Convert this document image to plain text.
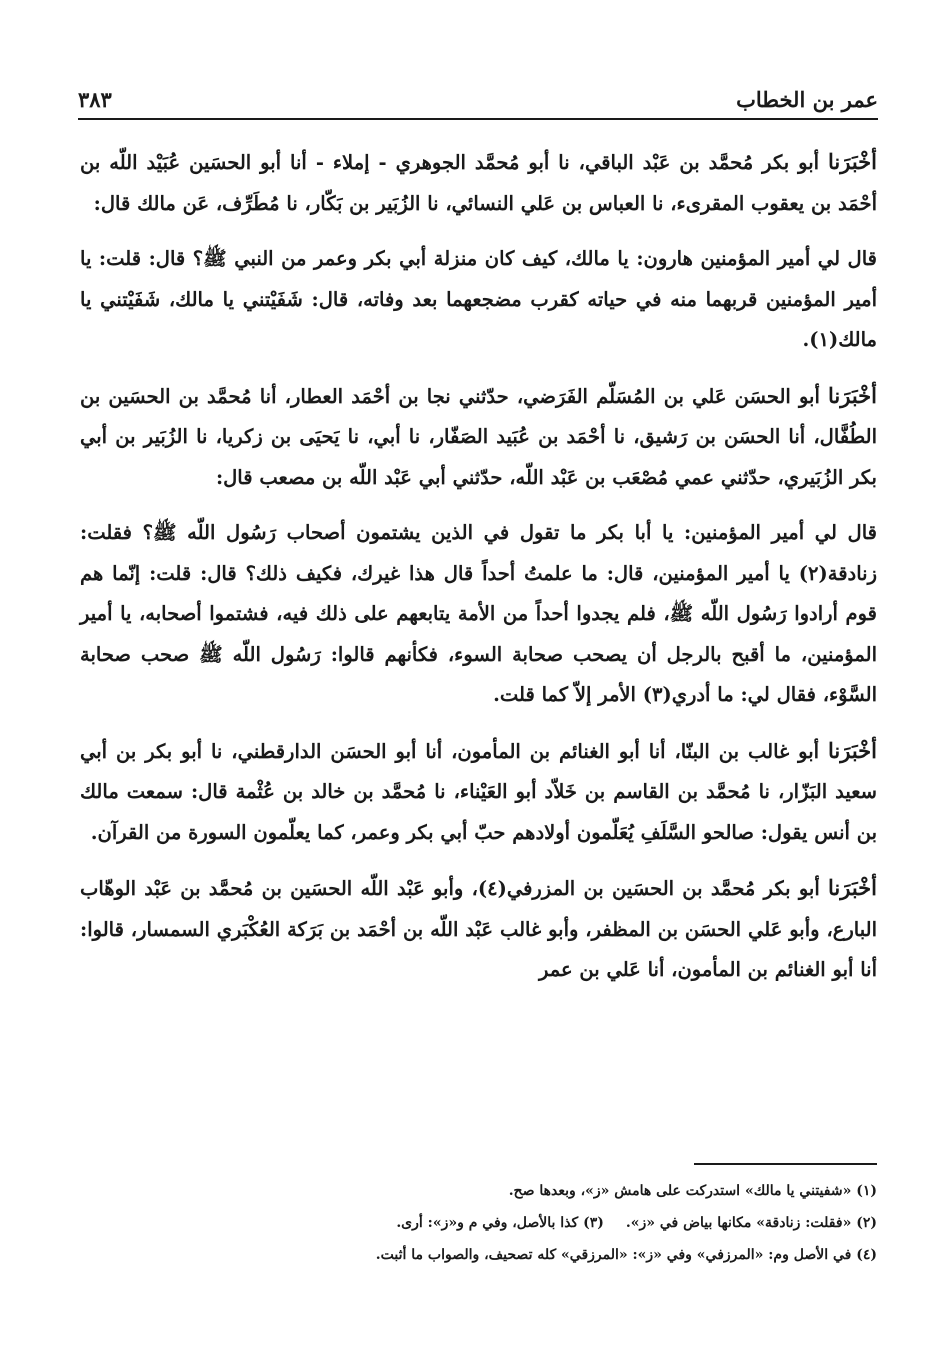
٣٨٣	عمر بن الخطاب

أخْبَرَنا أبو بكر مُحمَّد بن عَبْد الباقي، نا أبو مُحمَّد الجوهري - إملاء - أنا أبو الحسَين عُبَيْد اللّه بن أحْمَد بن يعقوب المقرىء، نا العباس بن عَلي النسائي، نا الزُبَير بن بَكّار، نا مُطَرِّف، عَن مالك قال:

قال لي أمير المؤمنين هارون: يا مالك، كيف كان منزلة أبي بكر وعمر من النبي ﷺ؟ قال: قلت: يا أمير المؤمنين قربهما منه في حياته كقرب مضجعهما بعد وفاته، قال: شَفَيْتني يا مالك، شَفَيْتني يا مالك(١).

أخْبَرَنا أبو الحسَن عَلي بن المُسَلّم الفَرَضي، حدّثني نجا بن أحْمَد العطار، أنا مُحمَّد بن الحسَين بن الطُفَّال، أنا الحسَن بن رَشيق، نا أحْمَد بن عُبَيد الصَفّار، نا أبي، نا يَحيَى بن زكريا، نا الزُبَير بن أبي بكر الزُبَيري، حدّثني عمي مُصْعَب بن عَبْد اللّه، حدّثني أبي عَبْد اللّه بن مصعب قال:

قال لي أمير المؤمنين: يا أبا بكر ما تقول في الذين يشتمون أصحاب رَسُول اللّه ﷺ؟ فقلت: زنادقة(٢) يا أمير المؤمنين، قال: ما علمتُ أحداً قال هذا غيرك، فكيف ذلك؟ قال: قلت: إنّما هم قوم أرادوا رَسُول اللّه ﷺ، فلم يجدوا أحداً من الأمة يتابعهم على ذلك فيه، فشتموا أصحابه، يا أمير المؤمنين، ما أقبح بالرجل أن يصحب صحابة السوء، فكأنهم قالوا: رَسُول اللّه ﷺ صحب صحابة السَّوْء، فقال لي: ما أدري(٣) الأمر إلاّ كما قلت.

أخْبَرَنا أبو غالب بن البنّا، أنا أبو الغنائم بن المأمون، أنا أبو الحسَن الدارقطني، نا أبو بكر بن أبي سعيد البَزّار، نا مُحمَّد بن القاسم بن خَلاّد أبو العَيْناء، نا مُحمَّد بن خالد بن عُثْمة قال: سمعت مالك بن أنس يقول: صالحو السَّلَفِ يُعَلّمون أولادهم حبّ أبي بكر وعمر، كما يعلّمون السورة من القرآن.

أخْبَرَنا أبو بكر مُحمَّد بن الحسَين بن المزرفي(٤)، وأبو عَبْد اللّه الحسَين بن مُحمَّد بن عَبْد الوهّاب البارع، وأبو عَلي الحسَن بن المظفر، وأبو غالب عَبْد اللّه بن أحْمَد بن بَرَكة العُكْبَري السمسار، قالوا: أنا أبو الغنائم بن المأمون، أنا عَلي بن عمر

(١) «شفيتني يا مالك» استدركت على هامش «ز»، وبعدها صح.

(٢) «فقلت: زنادقة» مكانها بياض في «ز».(٣) كذا بالأصل، وفي م و«ز»: أرى.

(٤) في الأصل وم: «المرزفي» وفي «ز»: «المرزقي» كله تصحيف، والصواب ما أثبت.
